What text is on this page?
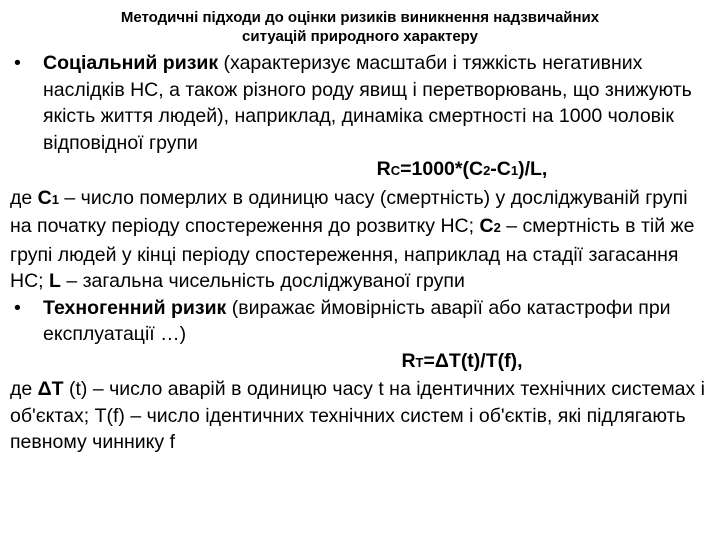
Методичні підходи до оцінки ризиків виникнення надзвичайних
ситуацій природного характеру
• Соціальний ризик (характеризує масштаби і тяжкість негативних наслідків НС, а також різного роду явищ і перетворювань, що знижують якість життя людей), наприклад, динаміка смертності на 1000 чоловік відповідної групи
RС=1000*(С2-С1)/L,
де С1 – число померлих в одиницю часу (смертність) у досліджуваній групі на початку періоду спостереження до розвитку НС; С2 – смертність в тій же групі людей у кінці періоду спостереження, наприклад на стадії загасання НС; L – загальна чисельність досліджуваної групи
• Техногенний ризик (виражає ймовірність аварії або катастрофи при експлуатації …)
RТ=ΔT(t)/T(f),
де ΔT (t) – число аварій в одиницю часу t на ідентичних технічних системах і об'єктах; T(f) – число ідентичних технічних систем і об'єктів, які підлягають певному чиннику f
